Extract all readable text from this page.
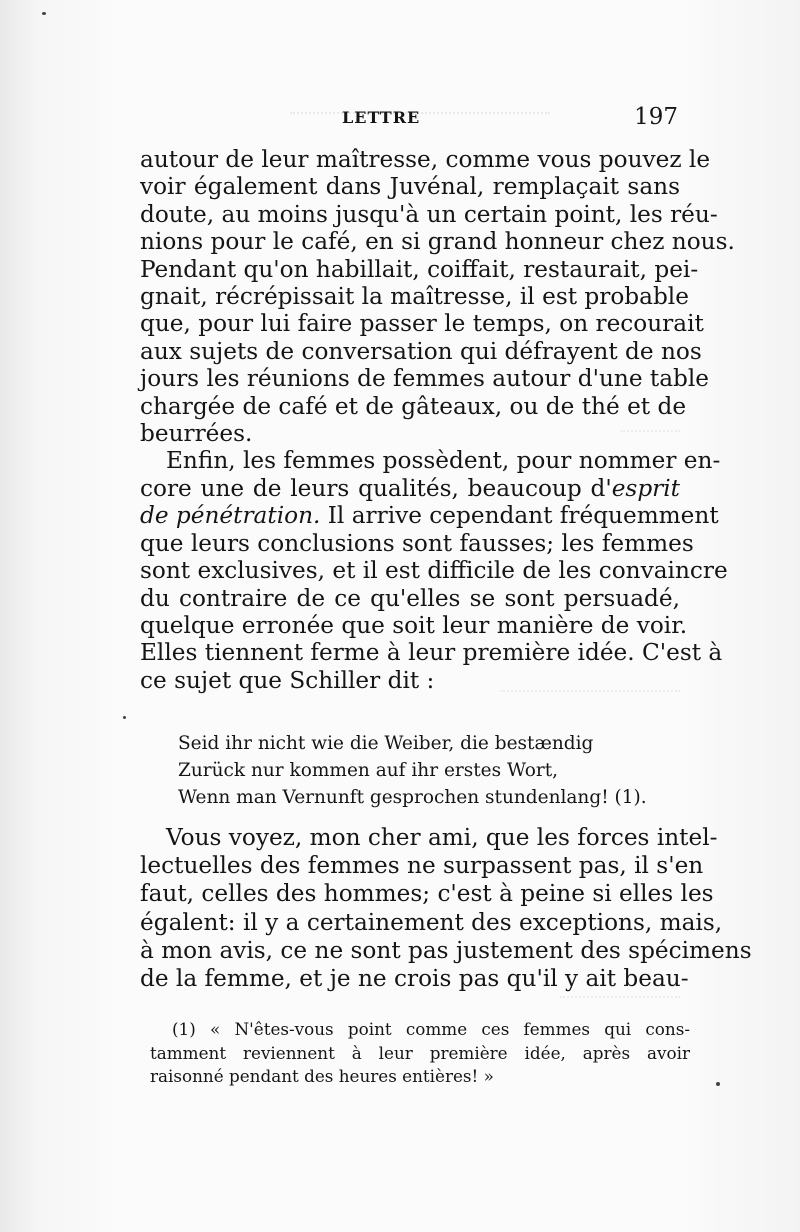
LETTRE	197
autour de leur maîtresse, comme vous pouvez le
voir également dans Juvénal, remplaçait sans
doute, au moins jusqu'à un certain point, les réu-
nions pour le café, en si grand honneur chez nous.
Pendant qu'on habillait, coiffait, restaurait, pei-
gnait, récrépissait la maîtresse, il est probable
que, pour lui faire passer le temps, on recourait
aux sujets de conversation qui défrayent de nos
jours les réunions de femmes autour d'une table
chargée de café et de gâteaux, ou de thé et de
beurrées.
Enfin, les femmes possèdent, pour nommer en-
core une de leurs qualités, beaucoup d'esprit
de pénétration. Il arrive cependant fréquemment
que leurs conclusions sont fausses; les femmes
sont exclusives, et il est difficile de les convaincre
du contraire de ce qu'elles se sont persuadé,
quelque erronée que soit leur manière de voir.
Elles tiennent ferme à leur première idée. C'est à
ce sujet que Schiller dit :
Seid ihr nicht wie die Weiber, die bestændig
Zurück nur kommen auf ihr erstes Wort,
Wenn man Vernunft gesprochen stundenlang! (1).
Vous voyez, mon cher ami, que les forces intel-
lectuelles des femmes ne surpassent pas, il s'en
faut, celles des hommes; c'est à peine si elles les
égalent: il y a certainement des exceptions, mais,
à mon avis, ce ne sont pas justement des spécimens
de la femme, et je ne crois pas qu'il y ait beau-
(1) « N'êtes-vous point comme ces femmes qui cons-
tamment reviennent à leur première idée, après avoir
raisonné pendant des heures entières! »
